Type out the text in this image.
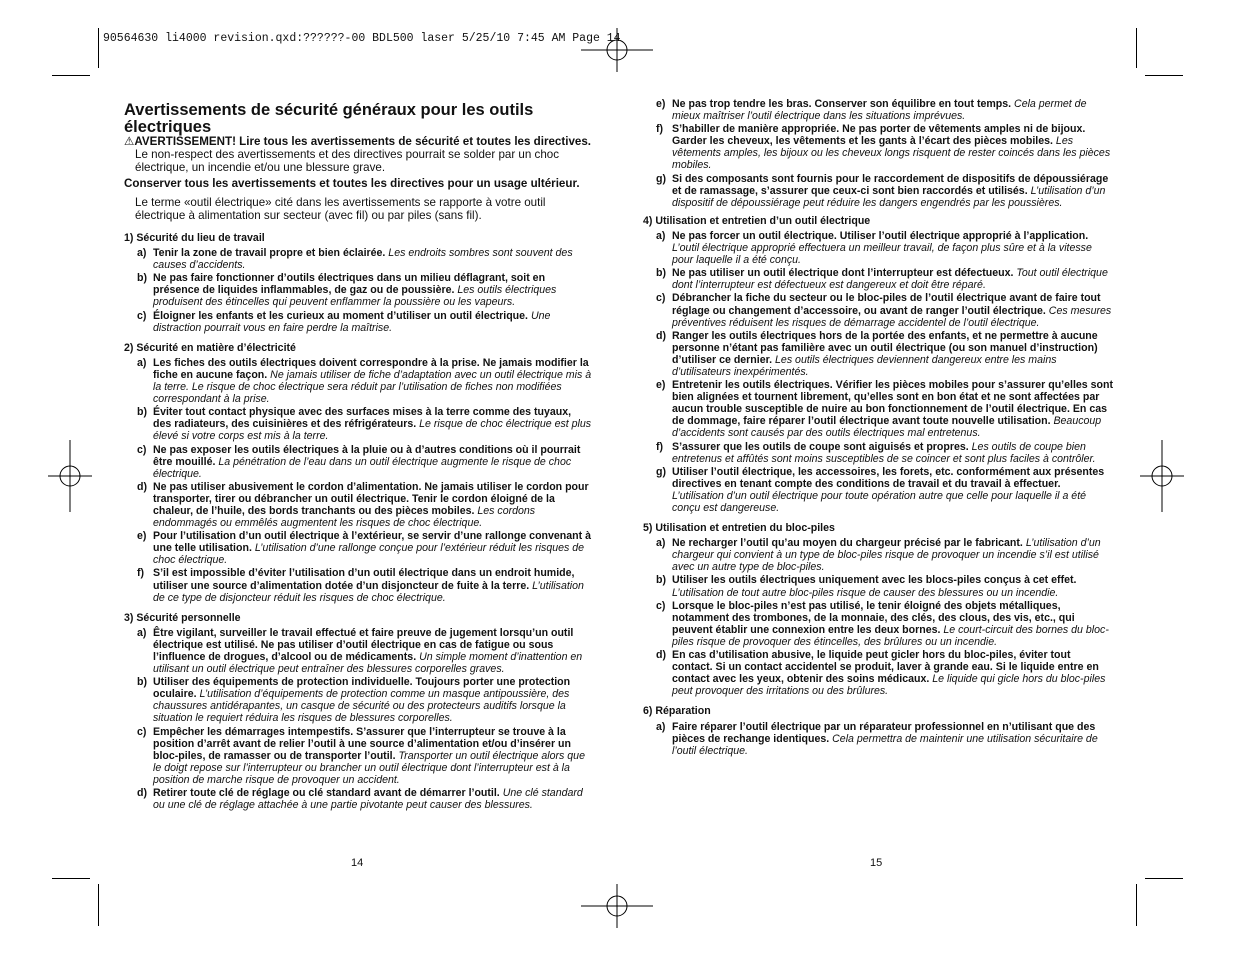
90564630 li4000 revision.qxd:??????-00 BDL500 laser 5/25/10 7:45 AM Page 14
Avertissements de sécurité généraux pour les outils électriques

⚠AVERTISSEMENT! Lire tous les avertissements de sécurité et toutes les directives. Le non-respect des avertissements et des directives pourrait se solder par un choc électrique, un incendie et/ou une blessure grave.

Conserver tous les avertissements et toutes les directives pour un usage ultérieur.

Le terme «outil électrique» cité dans les avertissements se rapporte à votre outil électrique à alimentation sur secteur (avec fil) ou par piles (sans fil).

1) Sécurité du lieu de travail
a) Tenir la zone de travail propre et bien éclairée. Les endroits sombres sont souvent des causes d’accidents.
b) Ne pas faire fonctionner d’outils électriques dans un milieu déflagrant, soit en présence de liquides inflammables, de gaz ou de poussière. Les outils électriques produisent des étincelles qui peuvent enflammer la poussière ou les vapeurs.
c) Éloigner les enfants et les curieux au moment d’utiliser un outil électrique. Une distraction pourrait vous en faire perdre la maîtrise.
2) Sécurité en matière d’électricité
a) Les fiches des outils électriques doivent correspondre à la prise. Ne jamais modifier la fiche en aucune façon. Ne jamais utiliser de fiche d’adaptation avec un outil électrique mis à la terre. Le risque de choc électrique sera réduit par l’utilisation de fiches non modifiées correspondant à la prise.
b) Éviter tout contact physique avec des surfaces mises à la terre comme des tuyaux, des radiateurs, des cuisinières et des réfrigérateurs. Le risque de choc électrique est plus élevé si votre corps est mis à la terre.
c) Ne pas exposer les outils électriques à la pluie ou à d’autres conditions où il pourrait être mouillé. La pénétration de l’eau dans un outil électrique augmente le risque de choc électrique.
d) Ne pas utiliser abusivement le cordon d’alimentation. Ne jamais utiliser le cordon pour transporter, tirer ou débrancher un outil électrique. Tenir le cordon éloigné de la chaleur, de l’huile, des bords tranchants ou des pièces mobiles. Les cordons endommagés ou emmêlés augmentent les risques de choc électrique.
e) Pour l’utilisation d’un outil électrique à l’extérieur, se servir d’une rallonge convenant à une telle utilisation. L’utilisation d’une rallonge conçue pour l’extérieur réduit les risques de choc électrique.
f) S’il est impossible d’éviter l’utilisation d’un outil électrique dans un endroit humide, utiliser une source d’alimentation dotée d’un disjoncteur de fuite à la terre. L’utilisation de ce type de disjoncteur réduit les risques de choc électrique.
3) Sécurité personnelle
a) Être vigilant, surveiller le travail effectué et faire preuve de jugement lorsqu’un outil électrique est utilisé. Ne pas utiliser d’outil électrique en cas de fatigue ou sous l’influence de drogues, d’alcool ou de médicaments. Un simple moment d’inattention en utilisant un outil électrique peut entraîner des blessures corporelles graves.
b) Utiliser des équipements de protection individuelle. Toujours porter une protection oculaire. L’utilisation d’équipements de protection comme un masque antipoussière, des chaussures antidérapantes, un casque de sécurité ou des protecteurs auditifs lorsque la situation le requiert réduira les risques de blessures corporelles.
c) Empêcher les démarrages intempestifs. S’assurer que l’interrupteur se trouve à la position d’arrêt avant de relier l’outil à une source d’alimentation et/ou d’insérer un bloc-piles, de ramasser ou de transporter l’outil. Transporter un outil électrique alors que le doigt repose sur l’interrupteur ou brancher un outil électrique dont l’interrupteur est à la position de marche risque de provoquer un accident.
d) Retirer toute clé de réglage ou clé standard avant de démarrer l’outil. Une clé standard ou une clé de réglage attachée à une partie pivotante peut causer des blessures.
14
e) Ne pas trop tendre les bras. Conserver son équilibre en tout temps. Cela permet de mieux maîtriser l’outil électrique dans les situations imprévues.
f) S’habiller de manière appropriée. Ne pas porter de vêtements amples ni de bijoux. Garder les cheveux, les vêtements et les gants à l’écart des pièces mobiles. Les vêtements amples, les bijoux ou les cheveux longs risquent de rester coincés dans les pièces mobiles.
g) Si des composants sont fournis pour le raccordement de dispositifs de dépoussiérage et de ramassage, s’assurer que ceux-ci sont bien raccordés et utilisés. L’utilisation d’un dispositif de dépoussiérage peut réduire les dangers engendrés par les poussières.
4) Utilisation et entretien d’un outil électrique
a) Ne pas forcer un outil électrique. Utiliser l’outil électrique approprié à l’application. L’outil électrique approprié effectuera un meilleur travail, de façon plus sûre et à la vitesse pour laquelle il a été conçu.
b) Ne pas utiliser un outil électrique dont l’interrupteur est défectueux. Tout outil électrique dont l’interrupteur est défectueux est dangereux et doit être réparé.
c) Débrancher la fiche du secteur ou le bloc-piles de l’outil électrique avant de faire tout réglage ou changement d’accessoire, ou avant de ranger l’outil électrique. Ces mesures préventives réduisent les risques de démarrage accidentel de l’outil électrique.
d) Ranger les outils électriques hors de la portée des enfants, et ne permettre à aucune personne n’étant pas familière avec un outil électrique (ou son manuel d’instruction) d’utiliser ce dernier. Les outils électriques deviennent dangereux entre les mains d’utilisateurs inexpérimentés.
e) Entretenir les outils électriques. Vérifier les pièces mobiles pour s’assurer qu’elles sont bien alignées et tournent librement, qu’elles sont en bon état et ne sont affectées par aucun trouble susceptible de nuire au bon fonctionnement de l’outil électrique. En cas de dommage, faire réparer l’outil électrique avant toute nouvelle utilisation. Beaucoup d’accidents sont causés par des outils électriques mal entretenus.
f) S’assurer que les outils de coupe sont aiguisés et propres. Les outils de coupe bien entretenus et affûtés sont moins susceptibles de se coincer et sont plus faciles à contrôler.
g) Utiliser l’outil électrique, les accessoires, les forets, etc. conformément aux présentes directives en tenant compte des conditions de travail et du travail à effectuer. L’utilisation d’un outil électrique pour toute opération autre que celle pour laquelle il a été conçu est dangereuse.
5) Utilisation et entretien du bloc-piles
a) Ne recharger l’outil qu’au moyen du chargeur précisé par le fabricant. L’utilisation d’un chargeur qui convient à un type de bloc-piles risque de provoquer un incendie s’il est utilisé avec un autre type de bloc-piles.
b) Utiliser les outils électriques uniquement avec les blocs-piles conçus à cet effet. L’utilisation de tout autre bloc-piles risque de causer des blessures ou un incendie.
c) Lorsque le bloc-piles n’est pas utilisé, le tenir éloigné des objets métalliques, notamment des trombones, de la monnaie, des clés, des clous, des vis, etc., qui peuvent établir une connexion entre les deux bornes. Le court-circuit des bornes du bloc-piles risque de provoquer des étincelles, des brûlures ou un incendie.
d) En cas d’utilisation abusive, le liquide peut gicler hors du bloc-piles, éviter tout contact. Si un contact accidentel se produit, laver à grande eau. Si le liquide entre en contact avec les yeux, obtenir des soins médicaux. Le liquide qui gicle hors du bloc-piles peut provoquer des irritations ou des brûlures.
6) Réparation
a) Faire réparer l’outil électrique par un réparateur professionnel en n’utilisant que des pièces de rechange identiques. Cela permettra de maintenir une utilisation sécuritaire de l’outil électrique.
15
